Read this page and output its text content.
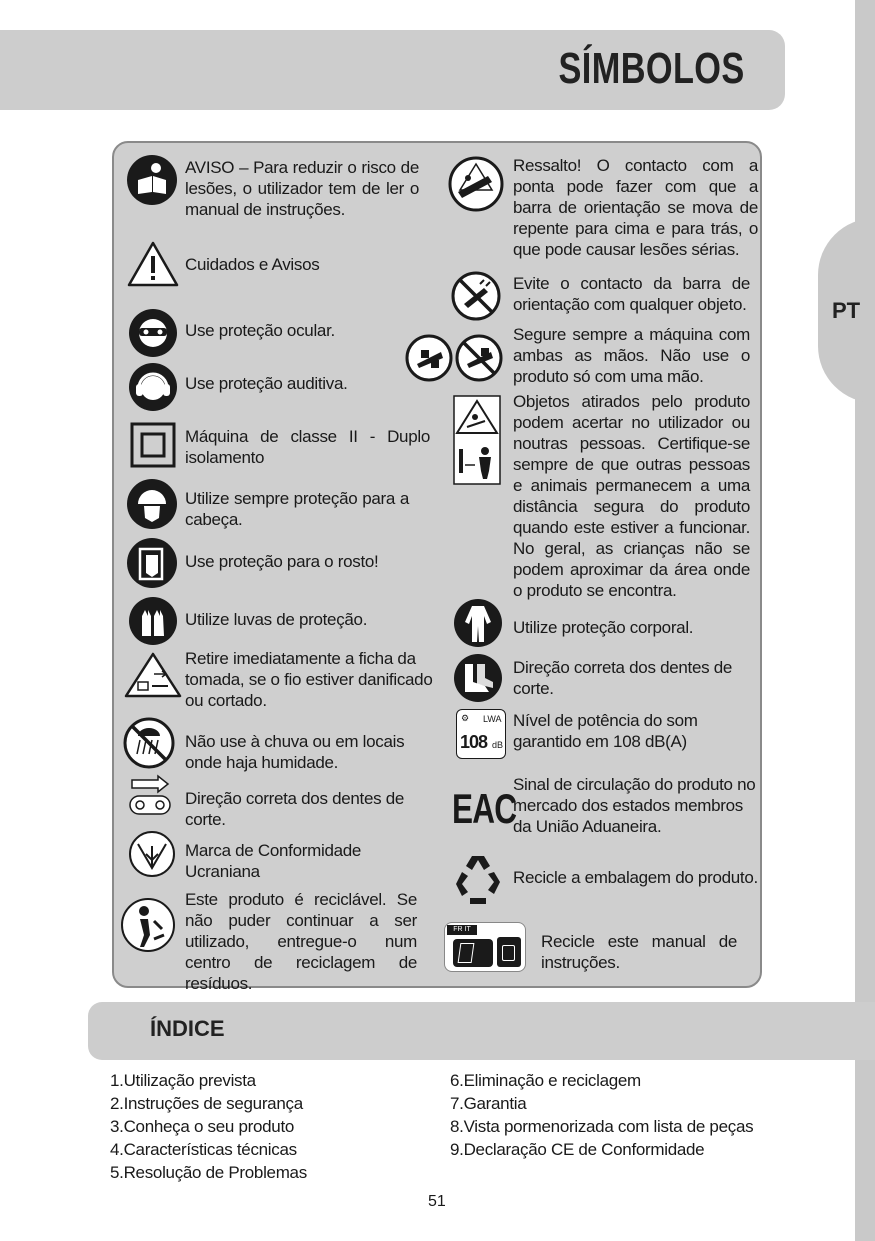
PT
SÍMBOLOS
AVISO – Para reduzir o risco de lesões, o utilizador tem de ler o manual de instruções.
Cuidados e Avisos
Use proteção ocular.
Use proteção auditiva.
Máquina de classe II - Duplo isolamento
Utilize sempre proteção para a cabeça.
Use proteção para o rosto!
Utilize luvas de proteção.
Retire imediatamente a ficha da tomada, se o fio estiver danificado ou cortado.
Não use à chuva ou em locais onde haja humidade.
Direção correta dos dentes de corte.
Marca de Conformidade Ucraniana
Este produto é reciclável. Se não puder continuar a ser utilizado, entregue-o num centro de reciclagem de resíduos.
Ressalto! O contacto com a ponta pode fazer com que a barra de orientação se mova de repente para cima e para trás, o que pode causar lesões sérias.
Evite o contacto da barra de orientação com qualquer objeto.
Segure sempre a máquina com ambas as mãos. Não use o produto só com uma mão.
Objetos atirados pelo produto podem acertar no utilizador ou noutras pessoas. Certifique-se sempre de que outras pessoas e animais permanecem a uma distância segura do produto quando este estiver a funcionar. No geral, as crianças não se podem aproximar da área onde o produto se encontra.
Utilize proteção corporal.
Direção correta dos dentes de corte.
⚙ LWA
108 dB
Nível de potência do som garantido em 108 dB(A)
EAC
Sinal de circulação do produto no mercado dos estados membros da União Aduaneira.
Recicle a embalagem do produto.
FR IT
Recicle este manual de instruções.
ÍNDICE
1.Utilização prevista
2.Instruções de segurança
3.Conheça o seu produto
4.Características técnicas
5.Resolução de Problemas
6.Eliminação e reciclagem
7.Garantia
8.Vista pormenorizada com lista de peças
9.Declaração CE de Conformidade
51
